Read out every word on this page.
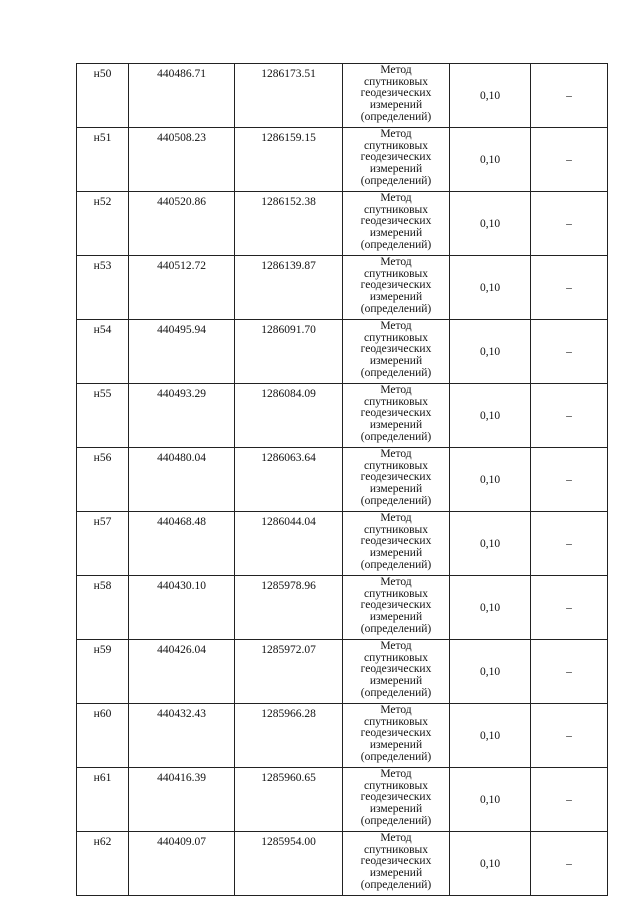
н50	440486.71	1286173.51	Метод
спутниковых
геодезических
измерений
(определений)	0,10	–
н51	440508.23	1286159.15	Метод
спутниковых
геодезических
измерений
(определений)	0,10	–
н52	440520.86	1286152.38	Метод
спутниковых
геодезических
измерений
(определений)	0,10	–
н53	440512.72	1286139.87	Метод
спутниковых
геодезических
измерений
(определений)	0,10	–
н54	440495.94	1286091.70	Метод
спутниковых
геодезических
измерений
(определений)	0,10	–
н55	440493.29	1286084.09	Метод
спутниковых
геодезических
измерений
(определений)	0,10	–
н56	440480.04	1286063.64	Метод
спутниковых
геодезических
измерений
(определений)	0,10	–
н57	440468.48	1286044.04	Метод
спутниковых
геодезических
измерений
(определений)	0,10	–
н58	440430.10	1285978.96	Метод
спутниковых
геодезических
измерений
(определений)	0,10	–
н59	440426.04	1285972.07	Метод
спутниковых
геодезических
измерений
(определений)	0,10	–
н60	440432.43	1285966.28	Метод
спутниковых
геодезических
измерений
(определений)	0,10	–
н61	440416.39	1285960.65	Метод
спутниковых
геодезических
измерений
(определений)	0,10	–
н62	440409.07	1285954.00	Метод
спутниковых
геодезических
измерений
(определений)	0,10	–
